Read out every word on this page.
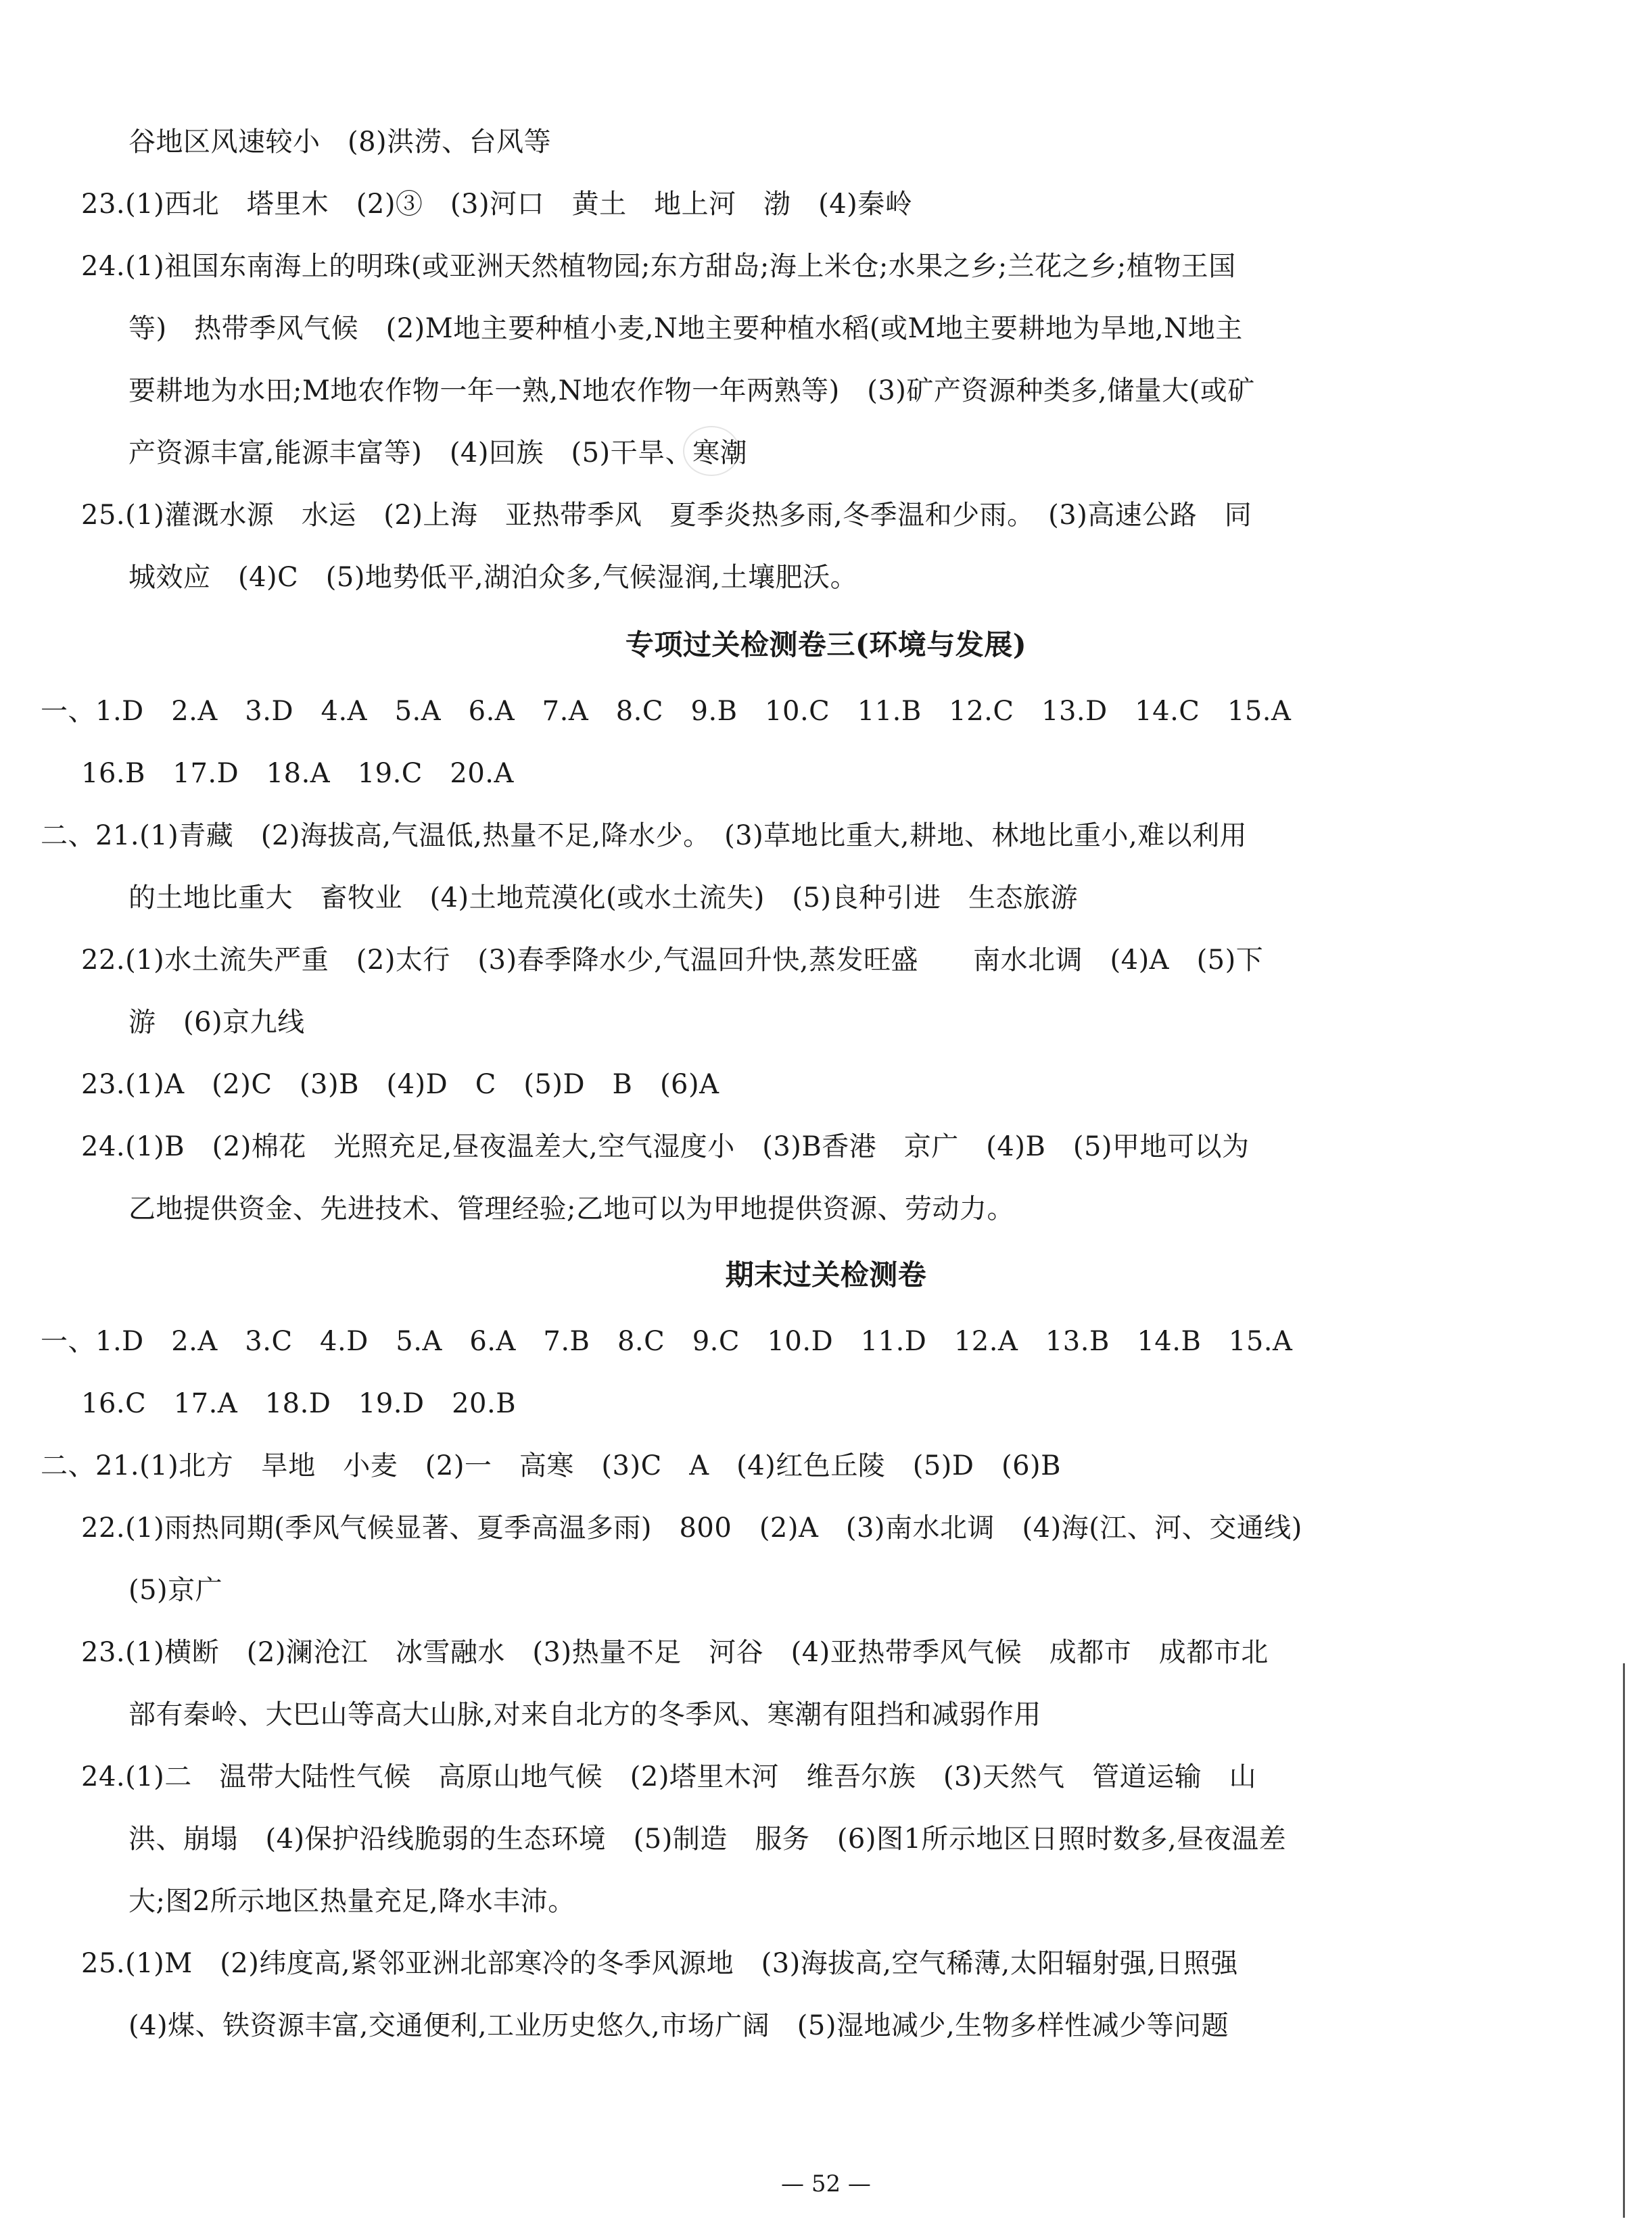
谷地区风速较小　(8)洪涝、台风等
23.(1)西北　塔里木　(2)③　(3)河口　黄土　地上河　渤　(4)秦岭
24.(1)祖国东南海上的明珠(或亚洲天然植物园;东方甜岛;海上米仓;水果之乡;兰花之乡;植物王国
等)　热带季风气候　(2)M地主要种植小麦,N地主要种植水稻(或M地主要耕地为旱地,N地主
要耕地为水田;M地农作物一年一熟,N地农作物一年两熟等)　(3)矿产资源种类多,储量大(或矿
产资源丰富,能源丰富等)　(4)回族　(5)干旱、寒潮
25.(1)灌溉水源　水运　(2)上海　亚热带季风　夏季炎热多雨,冬季温和少雨。　(3)高速公路　同
城效应　(4)C　(5)地势低平,湖泊众多,气候湿润,土壤肥沃。
专项过关检测卷三(环境与发展)
一、1.D　2.A　3.D　4.A　5.A　6.A　7.A　8.C　9.B　10.C　11.B　12.C　13.D　14.C　15.A
16.B　17.D　18.A　19.C　20.A
二、21.(1)青藏　(2)海拔高,气温低,热量不足,降水少。　(3)草地比重大,耕地、林地比重小,难以利用
的土地比重大　畜牧业　(4)土地荒漠化(或水土流失)　(5)良种引进　生态旅游
22.(1)水土流失严重　(2)太行　(3)春季降水少,气温回升快,蒸发旺盛　　南水北调　(4)A　(5)下
游　(6)京九线
23.(1)A　(2)C　(3)B　(4)D　C　(5)D　B　(6)A
24.(1)B　(2)棉花　光照充足,昼夜温差大,空气湿度小　(3)B香港　京广　(4)B　(5)甲地可以为
乙地提供资金、先进技术、管理经验;乙地可以为甲地提供资源、劳动力。
期末过关检测卷
一、1.D　2.A　3.C　4.D　5.A　6.A　7.B　8.C　9.C　10.D　11.D　12.A　13.B　14.B　15.A
16.C　17.A　18.D　19.D　20.B
二、21.(1)北方　旱地　小麦　(2)一　高寒　(3)C　A　(4)红色丘陵　(5)D　(6)B
22.(1)雨热同期(季风气候显著、夏季高温多雨)　800　(2)A　(3)南水北调　(4)海(江、河、交通线)
(5)京广
23.(1)横断　(2)澜沧江　冰雪融水　(3)热量不足　河谷　(4)亚热带季风气候　成都市　成都市北
部有秦岭、大巴山等高大山脉,对来自北方的冬季风、寒潮有阻挡和减弱作用
24.(1)二　温带大陆性气候　高原山地气候　(2)塔里木河　维吾尔族　(3)天然气　管道运输　山
洪、崩塌　(4)保护沿线脆弱的生态环境　(5)制造　服务　(6)图1所示地区日照时数多,昼夜温差
大;图2所示地区热量充足,降水丰沛。
25.(1)M　(2)纬度高,紧邻亚洲北部寒冷的冬季风源地　(3)海拔高,空气稀薄,太阳辐射强,日照强
(4)煤、铁资源丰富,交通便利,工业历史悠久,市场广阔　(5)湿地减少,生物多样性减少等问题
— 52 —
